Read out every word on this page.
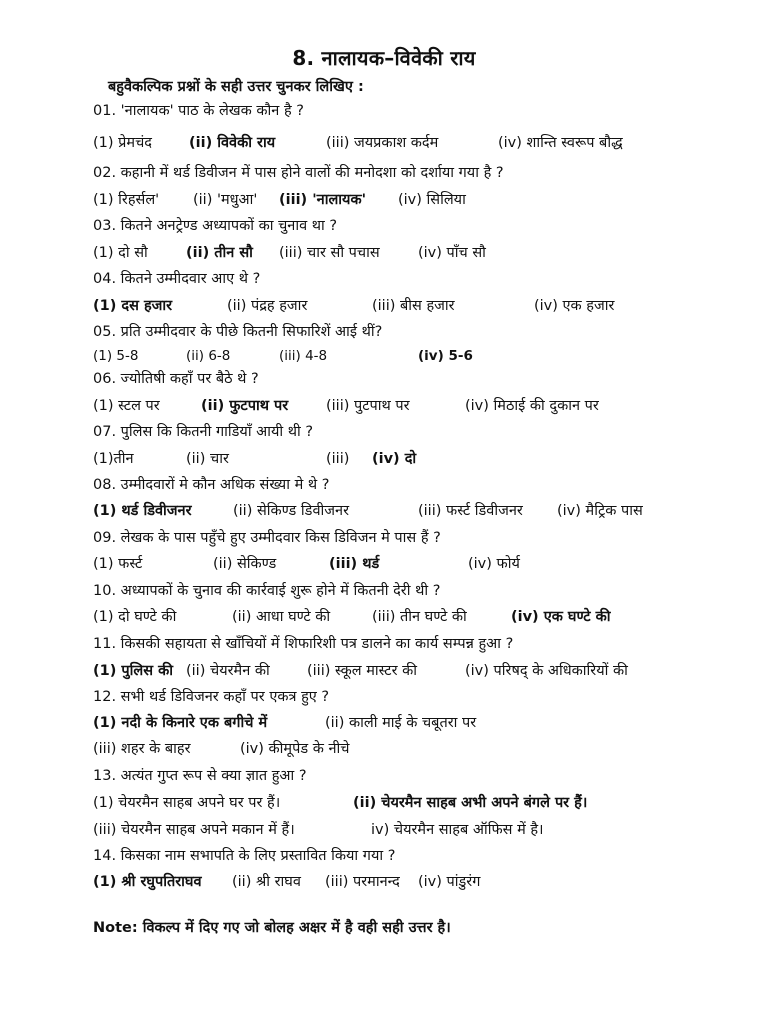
8. नालायक–विवेकी राय
बहुवैकल्पिक प्रश्नों के सही उत्तर चुनकर लिखिए :
01. 'नालायक' पाठ के लेखक कौन है ?
(1) प्रेमचंद	(ii) विवेकी राय	(iii) जयप्रकाश कर्दम	(iv) शान्ति स्वरूप बौद्ध
02. कहानी में थर्ड डिवीजन में पास होने वालों की मनोदशा को दर्शाया गया है ?
(1) रिहर्सल' (ii) 'मधुआ' (iii) 'नालायक' (iv) सिलिया
03. कितने अनट्रेण्ड अध्यापकों का चुनाव था ?
(1) दो सौ	(ii) तीन सौ (iii) चार सौ पचास	(iv) पाँच सौ
04. कितने उम्मीदवार आए थे ?
(1) दस हजार	(ii) पंद्रह हजार	(iii) बीस हजार	(iv) एक हजार
05. प्रति उम्मीदवार के पीछे कितनी सिफारिशें आई थीं?
(1) 5-8	(ii) 6-8	(iii) 4-8	(iv) 5-6
06. ज्योतिषी कहाँ पर बैठे थे ?
(1) स्टल पर	(ii) फुटपाथ पर	(iii) पुटपाथ पर	(iv) मिठाई की दुकान पर
07. पुलिस कि कितनी गाडियाँ आयी थी ?
(1)तीन	(ii) चार	(iii) (iv) दो
08. उम्मीदवारों मे कौन अधिक संख्या मे थे ?
(1) थर्ड डिवीजनर	(ii) सेकिण्ड डिवीजनर	(iii) फर्स्ट डिवीजनर (iv) मैट्रिक पास
09. लेखक के पास पहुँचे हुए उम्मीदवार किस डिविजन मे पास हैं ?
(1) फर्स्ट	(ii) सेकिण्ड	(iii) थर्ड	(iv) फोर्य
10. अध्यापकों के चुनाव की कार्रवाई शुरू होने में कितनी देरी थी ?
(1) दो घण्टे की	(ii) आधा घण्टे की	(iii) तीन घण्टे की	(iv) एक घण्टे की
11. किसकी सहायता से खाँचियों में शिफारिशी पत्र डालने का कार्य सम्पन्न हुआ ?
(1) पुलिस की (ii) चेयरमैन की	(iii) स्कूल मास्टर की	(iv) परिषद् के अधिकारियों की
12. सभी थर्ड डिविजनर कहाँ पर एकत्र हुए ?
(1) नदी के किनारे एक बगीचे में	(ii) काली माई के चबूतरा पर
(iii) शहर के बाहर	(iv) कीमूपेड के नीचे
13. अत्यंत गुप्त रूप से क्या ज्ञात हुआ ?
(1) चेयरमैन साहब अपने घर पर हैं।	(ii) चेयरमैन साहब अभी अपने बंगले पर हैं।
(iii) चेयरमैन साहब अपने मकान में हैं।	iv) चेयरमैन साहब ऑफिस में है।
14. किसका नाम सभापति के लिए प्रस्तावित किया गया ?
(1) श्री रघुपतिराघव (ii) श्री राघव (iii) परमानन्द (iv) पांडुरंग
Note: विकल्प में दिए गए जो बोलह अक्षर में है वही सही उत्तर है।
